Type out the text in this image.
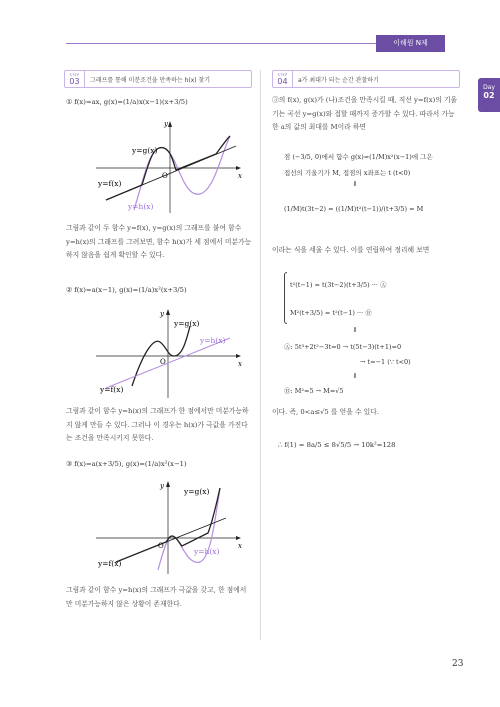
이해원 N제
Day
02
STEP
03	그래프를 통해 미분조건을 만족하는 h(x) 찾기
STEP
04	a가 최대가 되는 순간 관찰하기
① f(x)=ax, g(x)=(1/a)x(x−1)(x+3/5)
O	x
y
y=g(x)
y=f(x)
y=h(x)
그림과 같이 두 함수 y=f(x), y=g(x)의 그래프를 붙여 함수 y=h(x)의 그래프를 그려보면, 함수 h(x)가 세 점에서 미분가능하지 않음을 쉽게 확인할 수 있다.
② f(x)=a(x−1), g(x)=(1/a)x²(x+3/5)
O	x
y
y=g(x)
y=h(x)
y=f(x)
그림과 같이 함수 y=h(x)의 그래프가 한 점에서만 미분가능하지 않게 만들 수 있다. 그러나 이 경우는 h(x)가 극값을 가진다는 조건을 만족시키지 못한다.
③ f(x)=a(x+3/5), g(x)=(1/a)x²(x−1)
O	x
y
y=g(x)
y=f(x)
y=h(x)
그림과 같이 함수 y=h(x)의 그래프가 극값을 갖고, 한 점에서만 미분가능하지 않은 상황이 존재한다.
③의 f(x), g(x)가 (나)조건을 만족시킬 때, 직선 y=f(x)의 기울기는 곡선 y=g(x)와 접할 때까지 증가할 수 있다. 따라서 가능한 a의 값의 최대를 M이라 하면
점 (−3/5, 0)에서 함수 g(x)=(1/M)x²(x−1)에 그은
접선의 기울기가 M, 접점의 x좌표는 t (t<0)
⇓
(1/M)t(3t−2) = ((1/M)t²(t−1))/(t+3/5) = M
이라는 식을 세울 수 있다. 이를 연립하여 정리해 보면
t²(t−1) = t(3t−2)(t+3/5) ··· Ⓐ
M²(t+3/5) = t²(t−1) ··· Ⓑ
⇓
Ⓐ: 5t³+2t²−3t=0 → t(5t−3)(t+1)=0
→ t=−1 (∵ t<0)
⇓
Ⓑ: M²=5 → M=√5
이다. 즉, 0<a≤√5 를 얻을 수 있다.
∴ f(1) = 8a/5 ≤ 8√5/5 → 10k²=128
23
